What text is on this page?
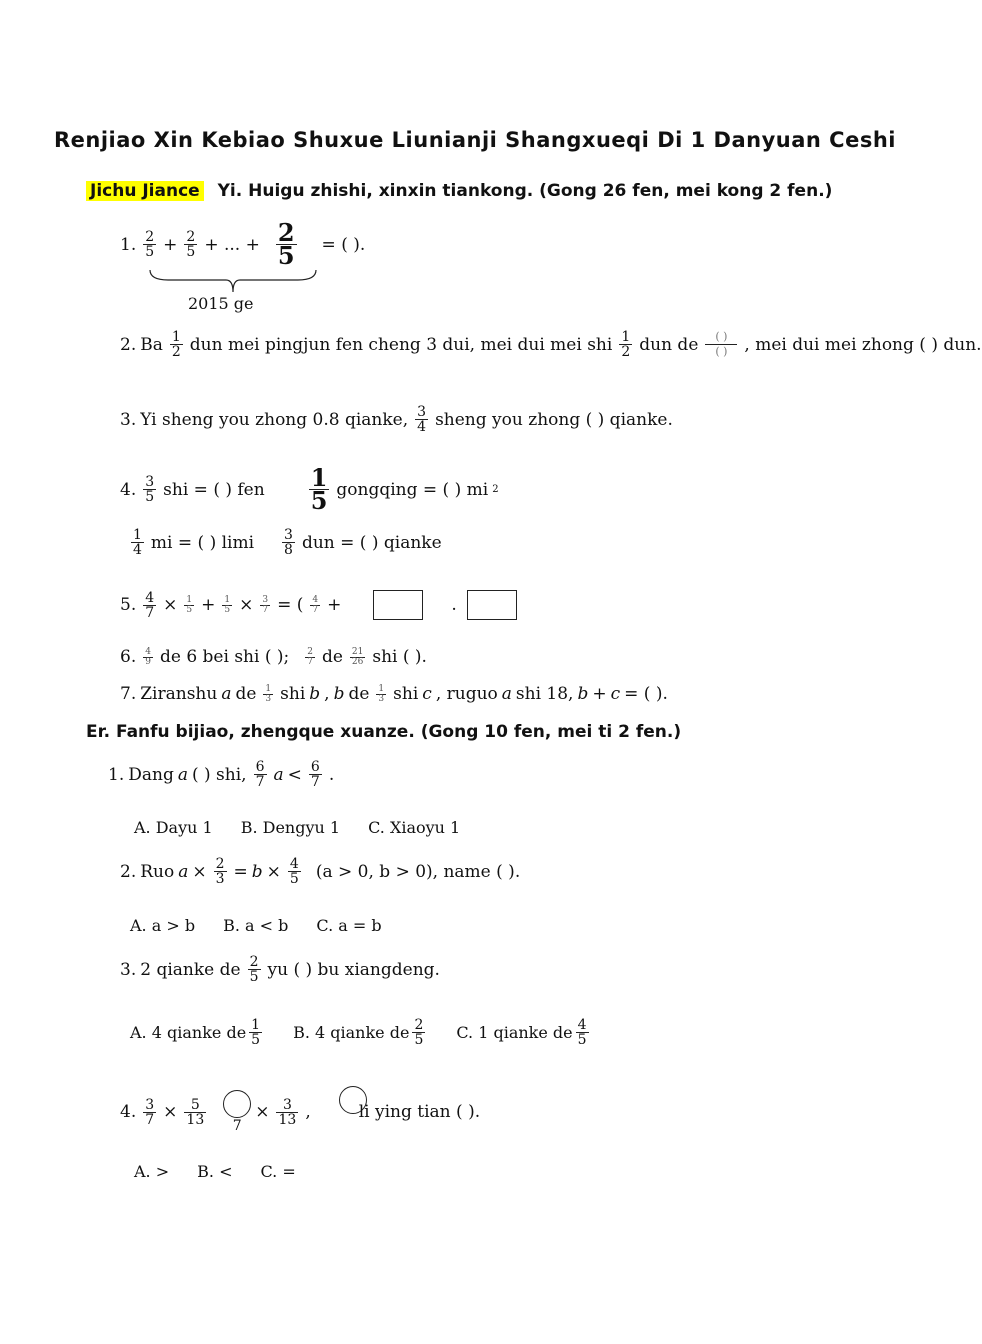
Renjiao Xin Kebiao Shuxue Liunianji Shangxueqi Di 1 Danyuan Ceshi
Jichu Jiance Yi. Huigu zhishi, xinxin tiankong. (Gong 26 fen, mei kong 2 fen.)
1. $\frac{2}{5} + \frac{2}{5}$ + ... + $\frac{2}{5}$ = ( ).
2015 ge
2. Ba $\frac{1}{2}$ dun mei pingjun fen cheng 3 dui, mei dui mei shi $\frac{1}{2}$ dun de $\frac{( )}{( )}$ , mei dui mei zhong ( ) dun.
3. Yi sheng you zhong 0.8 qianke, $\frac{3}{4}$ sheng you zhong ( ) qianke.
4. $\frac{3}{5}$ shi = ( ) fen $\frac{1}{5}$ gongqing = ( ) mi 2
$\frac{1}{4}$ mi = ( ) limi $\frac{3}{8}$ dun = ( ) qianke
5. $\frac{4}{7} \times \frac{1}{5} + \frac{1}{5} \times \frac{3}{7}$ = ( $\frac{4}{7}$ +	.
6. $\frac{4}{9}$ de 6 bei shi ( ); $\frac{2}{7}$ de $\frac{21}{26}$ shi ( ).
7. Ziranshu a de $\frac{1}{3}$ shi b , b de $\frac{1}{3}$ shi c , ruguo a shi 18, b + c = ( ).
Er. Fanfu bijiao, zhengque xuanze. (Gong 10 fen, mei ti 2 fen.)
1. Dang a ( ) shi, $\frac{6}{7}$ $a < \frac{6}{7}$ .
A. Dayu 1 B. Dengyu 1 C. Xiaoyu 1
2. Ruo $a \times \frac{2}{3} = b \times \frac{4}{5} (a > 0$, b > 0), name ( ).
A. a > b B. a < b C. a = b
3. 2 qianke de $\frac{2}{5}$ yu ( ) bu xiangdeng.
A. 4 qianke de $\frac{1}{5} B$. 4 qianke de $\frac{2}{5} C$. 1 qianke de $\frac{4}{5}$
4. $\frac{3}{7} \times \frac{5}{13} 7$
× $\frac{3}{13}$ ,	li ying tian ( ).
A. > B. < C. =
